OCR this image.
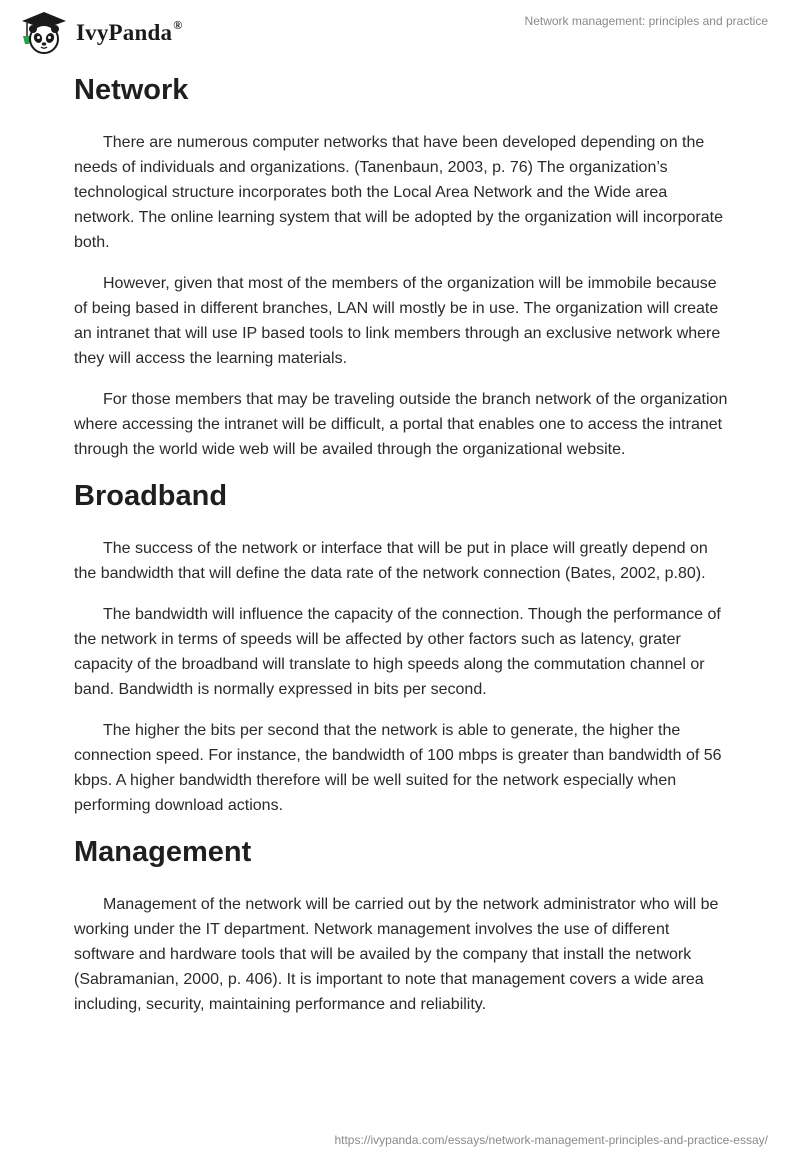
IvyPanda®	Network management: principles and practice
Network

There are numerous computer networks that have been developed depending on the needs of individuals and organizations. (Tanenbaun, 2003, p. 76) The organization’s technological structure incorporates both the Local Area Network and the Wide area network. The online learning system that will be adopted by the organization will incorporate both.

However, given that most of the members of the organization will be immobile because of being based in different branches, LAN will mostly be in use. The organization will create an intranet that will use IP based tools to link members through an exclusive network where they will access the learning materials.

For those members that may be traveling outside the branch network of the organization where accessing the intranet will be difficult, a portal that enables one to access the intranet through the world wide web will be availed through the organizational website.

Broadband

The success of the network or interface that will be put in place will greatly depend on the bandwidth that will define the data rate of the network connection (Bates, 2002, p.80).

The bandwidth will influence the capacity of the connection. Though the performance of the network in terms of speeds will be affected by other factors such as latency, grater capacity of the broadband will translate to high speeds along the commutation channel or band. Bandwidth is normally expressed in bits per second.

The higher the bits per second that the network is able to generate, the higher the connection speed. For instance, the bandwidth of 100 mbps is greater than bandwidth of 56 kbps. A higher bandwidth therefore will be well suited for the network especially when performing download actions.

Management

Management of the network will be carried out by the network administrator who will be working under the IT department. Network management involves the use of different software and hardware tools that will be availed by the company that install the network (Sabramanian, 2000, p. 406). It is important to note that management covers a wide area including, security, maintaining performance and reliability.

https://ivypanda.com/essays/network-management-principles-and-practice-essay/
